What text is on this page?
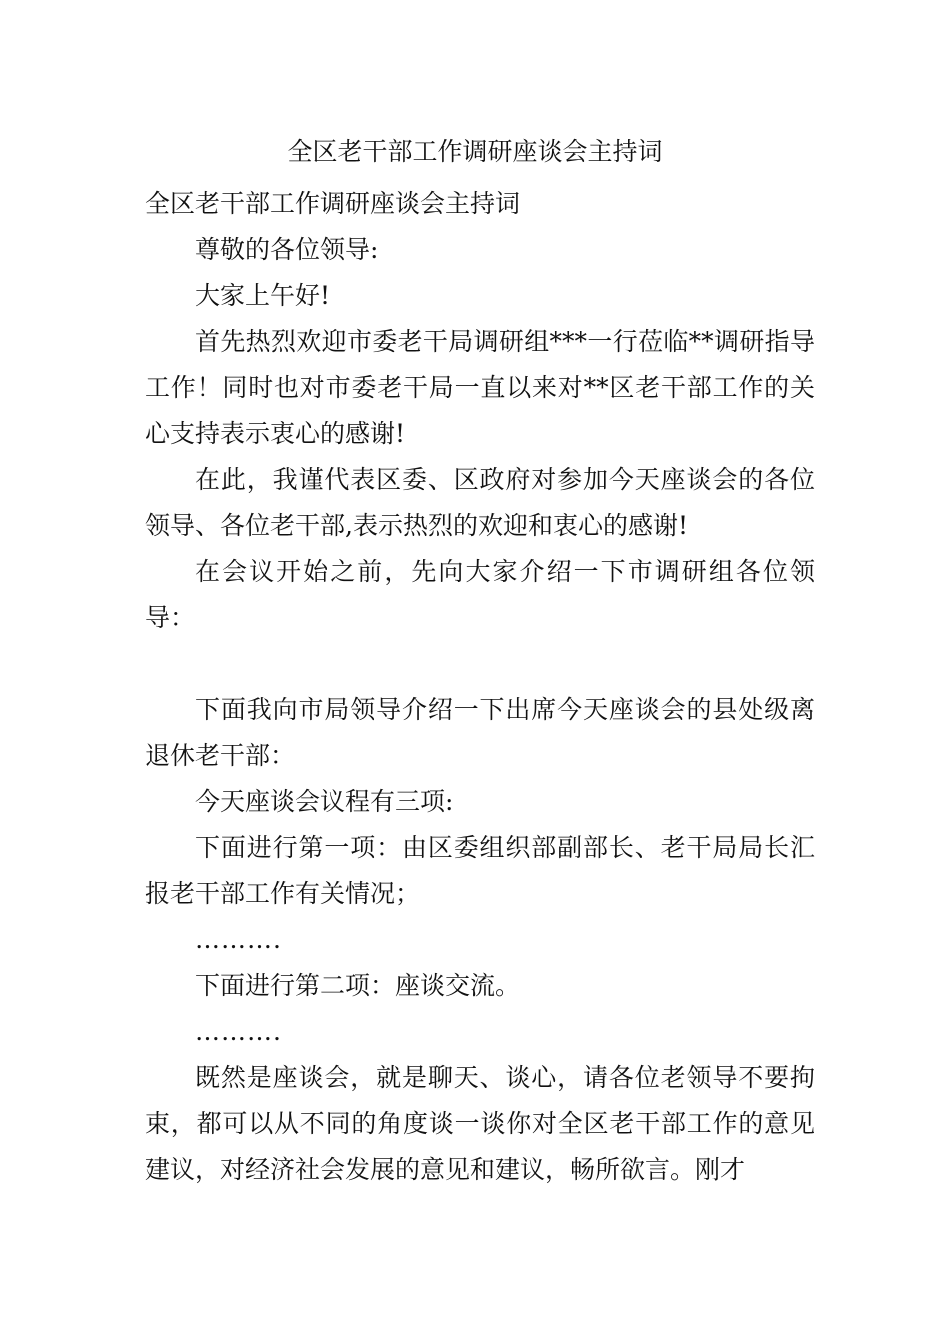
全区老干部工作调研座谈会主持词

全区老干部工作调研座谈会主持词

尊敬的各位领导:

大家上午好!

首先热烈欢迎市委老干局调研组***一行莅临**调研指导工作！同时也对市委老干局一直以来对**区老干部工作的关心支持表示衷心的感谢!

在此，我谨代表区委、区政府对参加今天座谈会的各位领导、各位老干部,表示热烈的欢迎和衷心的感谢!

在会议开始之前，先向大家介绍一下市调研组各位领导：

下面我向市局领导介绍一下出席今天座谈会的县处级离退休老干部：

今天座谈会议程有三项:

下面进行第一项：由区委组织部副部长、老干局局长汇报老干部工作有关情况；

……….

下面进行第二项：座谈交流。

……….

既然是座谈会，就是聊天、谈心，请各位老领导不要拘束，都可以从不同的角度谈一谈你对全区老干部工作的意见建议，对经济社会发展的意见和建议，畅所欲言。刚才
